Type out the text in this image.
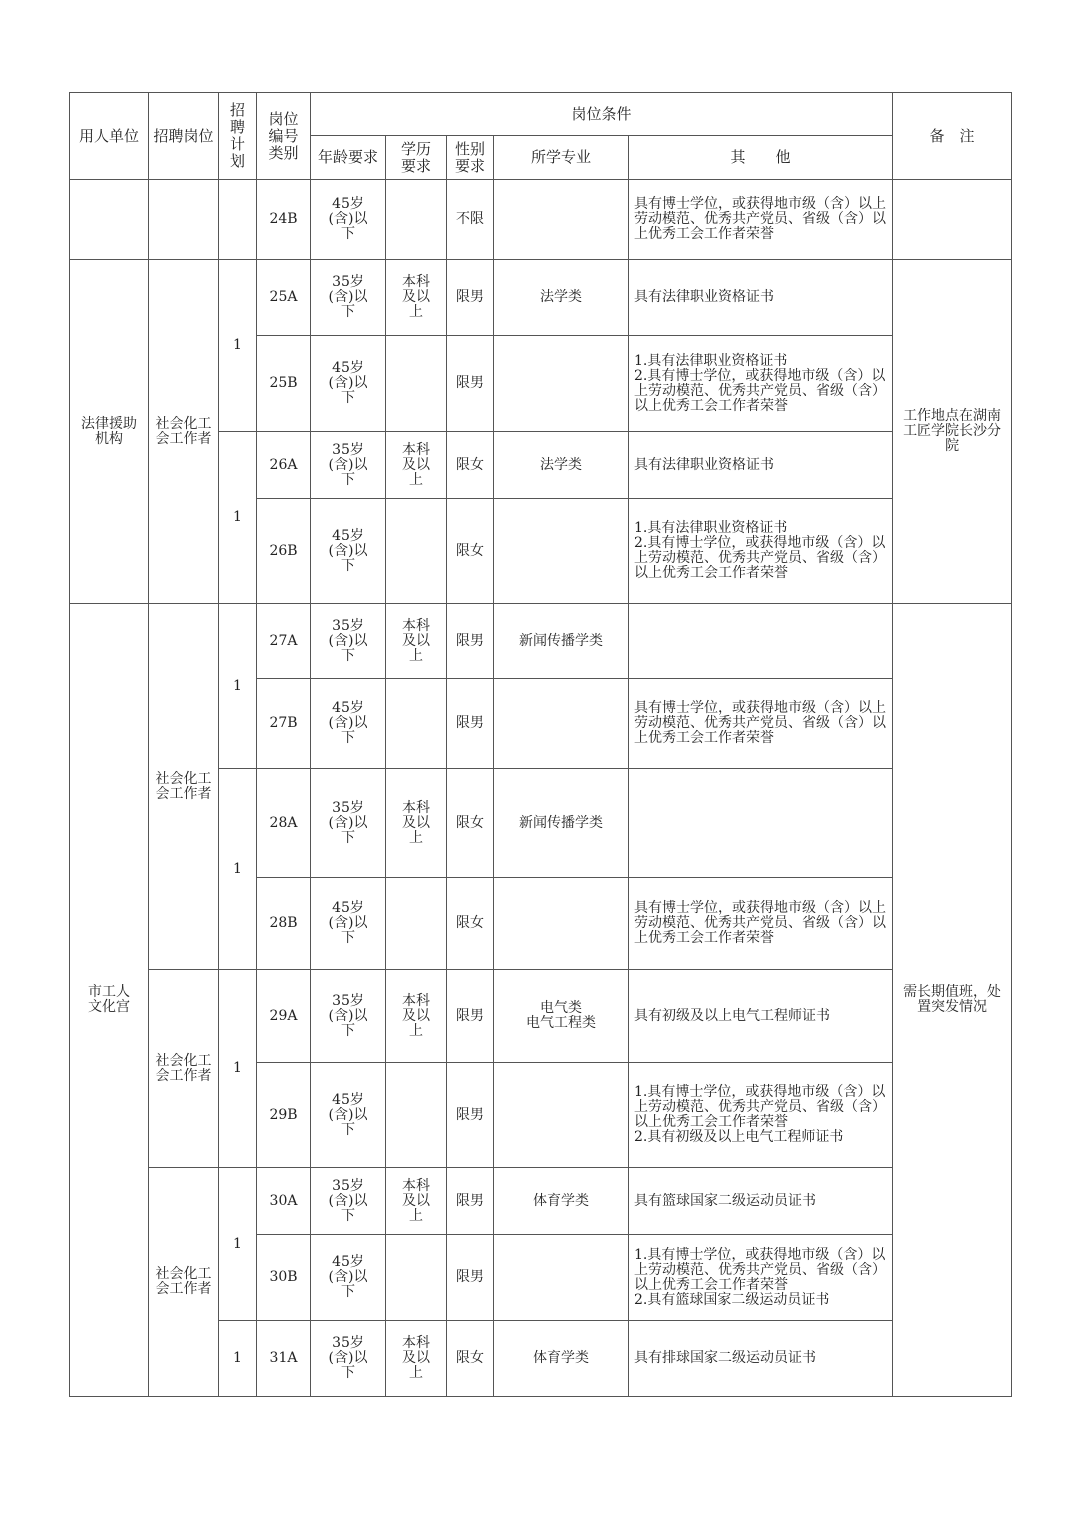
用人单位	招聘岗位	招聘计划	岗位编号类别	岗位条件					备　注
				年龄要求	学历要求	性别要求	所学专业	其　　他	
			24B	45岁(含)以下		不限		具有博士学位，或获得地市级（含）以上劳动模范、优秀共产党员、省级（含）以上优秀工会工作者荣誉	
法律援助机构	社会化工会工作者	1	25A	35岁(含)以下	本科及以上	限男	法学类	具有法律职业资格证书	工作地点在湖南工匠学院长沙分院
			25B	45岁(含)以下		限男		1.具有法律职业资格证书
2.具有博士学位，或获得地市级（含）以上劳动模范、优秀共产党员、省级（含）以上优秀工会工作者荣誉	
		1	26A	35岁(含)以下	本科及以上	限女	法学类	具有法律职业资格证书	
			26B	45岁(含)以下		限女		1.具有法律职业资格证书
2.具有博士学位，或获得地市级（含）以上劳动模范、优秀共产党员、省级（含）以上优秀工会工作者荣誉	
市工人文化宫	社会化工会工作者	1	27A	35岁(含)以下	本科及以上	限男	新闻传播学类		需长期值班，处置突发情况
			27B	45岁(含)以下		限男		具有博士学位，或获得地市级（含）以上劳动模范、优秀共产党员、省级（含）以上优秀工会工作者荣誉	
		1	28A	35岁(含)以下	本科及以上	限女	新闻传播学类		
			28B	45岁(含)以下		限女		具有博士学位，或获得地市级（含）以上劳动模范、优秀共产党员、省级（含）以上优秀工会工作者荣誉	
	社会化工会工作者	1	29A	35岁(含)以下	本科及以上	限男	电气类
电气工程类	具有初级及以上电气工程师证书	
			29B	45岁(含)以下		限男		1.具有博士学位，或获得地市级（含）以上劳动模范、优秀共产党员、省级（含）以上优秀工会工作者荣誉
2.具有初级及以上电气工程师证书	
	社会化工会工作者	1	30A	35岁(含)以下	本科及以上	限男	体育学类	具有篮球国家二级运动员证书	
			30B	45岁(含)以下		限男		1.具有博士学位，或获得地市级（含）以上劳动模范、优秀共产党员、省级（含）以上优秀工会工作者荣誉
2.具有篮球国家二级运动员证书	
		1	31A	35岁(含)以下	本科及以上	限女	体育学类	具有排球国家二级运动员证书	
